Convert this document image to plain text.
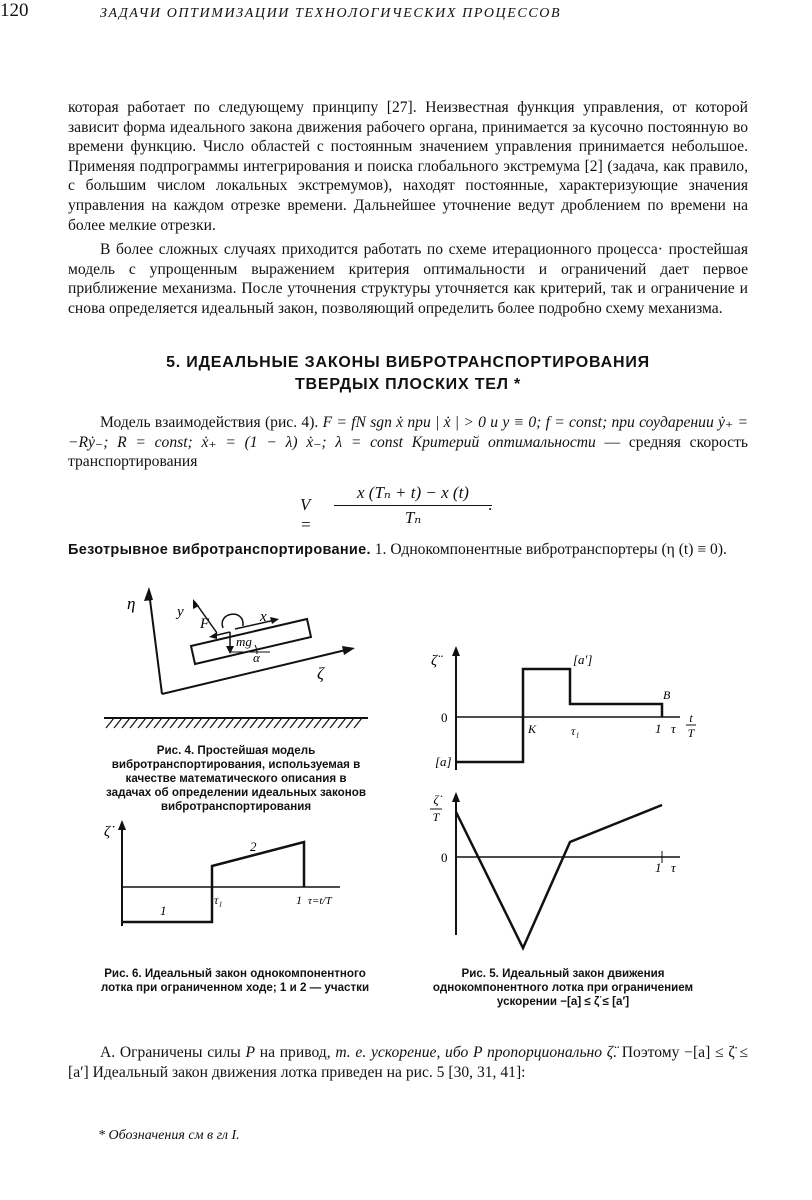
120	ЗАДАЧИ ОПТИМИЗАЦИИ ТЕХНОЛОГИЧЕСКИХ ПРОЦЕССОВ

которая работает по следующему принципу [27]. Неизвестная функция управления, от которой зависит форма идеального закона движения рабочего органа, принимается за кусочно постоянную во времени функцию. Число областей с постоянным значением управления принимается небольшое. Применяя подпрограммы интегрирования и поиска глобального экстремума [2] (задача, как правило, с большим числом локальных экстремумов), находят постоянные, характеризующие значения управления на каждом отрезке времени. Дальнейшее уточнение ведут дроблением по времени на более мелкие отрезки.

В более сложных случаях приходится работать по схеме итерационного процесса· простейшая модель с упрощенным выражением критерия оптимальности и ограничений дает первое приближение механизма. После уточнения структуры уточняется как критерий, так и ограничение и снова определяется идеальный закон, позволяющий определить более подробно схему механизма.

5. ИДЕАЛЬНЫЕ ЗАКОНЫ ВИБРОТРАНСПОРТИРОВАНИЯ
ТВЕРДЫХ ПЛОСКИХ ТЕЛ *

Модель взаимодействия (рис. 4). F = fN sgn ẋ при | ẋ | > 0 и y ≡ 0; f = const; при соударении ẏ₊ = −Rẏ₋; R = const; ẋ₊ = (1 − λ) ẋ₋; λ = const Критерий оптимальности — средняя скорость транспортирования

$V = \frac{\text{x (Tₙ + t) − x (t)}}{\text{Tₙ}}$
.

Безотрывное вибротранспортирование. 1. Однокомпонентные вибротранспортеры (η (t) ≡ 0).

η
ζ
α
y	x
F
mg
Рис. 4. Простейшая модель вибротранспортирования, используемая в качестве математического описания в задачах об определении идеальных законов вибротранспортирования
ζ̇
2
1
τ₁	1 τ=t/T
Рис. 6. Идеальный закон однокомпонентного лотка при ограниченном ходе; 1 и 2 — участки
ζ̈	[a′]
0
[a]
K	τ₁
B
1 τ
t
T
ζ̇
T
0
1 τ
Рис. 5. Идеальный закон движения однокомпонентного лотка при ограничением ускорении −[a] ≤ ζ̈ ≤ [a′]

А. Ограничены силы P на привод, т. е. ускорение, ибо P пропорционально ζ̈. Поэтому −[a] ≤ ζ̈ ≤ [a′] Идеальный закон движения лотка приведен на рис. 5 [30, 31, 41]:

* Обозначения см в гл I.
